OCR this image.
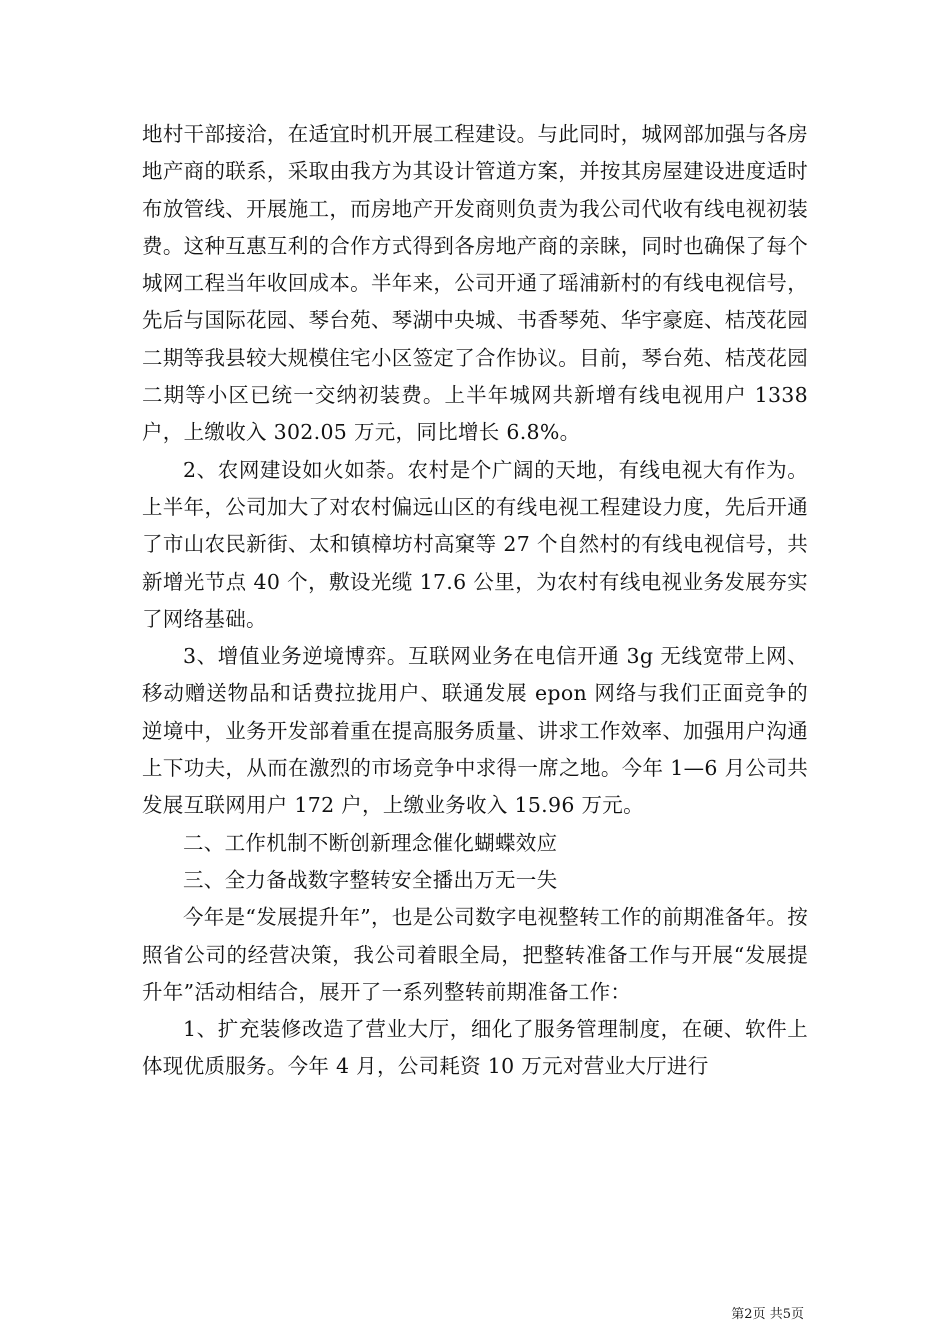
地村干部接洽，在适宜时机开展工程建设。与此同时，城网部加强与各房地产商的联系，采取由我方为其设计管道方案，并按其房屋建设进度适时布放管线、开展施工，而房地产开发商则负责为我公司代收有线电视初装费。这种互惠互利的合作方式得到各房地产商的亲睐，同时也确保了每个城网工程当年收回成本。半年来，公司开通了瑶浦新村的有线电视信号，先后与国际花园、琴台苑、琴湖中央城、书香琴苑、华宇豪庭、桔茂花园二期等我县较大规模住宅小区签定了合作协议。目前，琴台苑、桔茂花园二期等小区已统一交纳初装费。上半年城网共新增有线电视用户 1338 户，上缴收入 302.05 万元，同比增长 6.8%。

2、农网建设如火如荼。农村是个广阔的天地，有线电视大有作为。上半年，公司加大了对农村偏远山区的有线电视工程建设力度，先后开通了市山农民新街、太和镇樟坊村高窠等 27 个自然村的有线电视信号，共新增光节点 40 个，敷设光缆 17.6 公里，为农村有线电视业务发展夯实了网络基础。

3、增值业务逆境博弈。互联网业务在电信开通 3g 无线宽带上网、移动赠送物品和话费拉拢用户、联通发展 epon 网络与我们正面竞争的逆境中，业务开发部着重在提高服务质量、讲求工作效率、加强用户沟通上下功夫，从而在激烈的市场竞争中求得一席之地。今年 1—6 月公司共发展互联网用户 172 户，上缴业务收入 15.96 万元。

二、工作机制不断创新理念催化蝴蝶效应

三、全力备战数字整转安全播出万无一失

今年是“发展提升年”，也是公司数字电视整转工作的前期准备年。按照省公司的经营决策，我公司着眼全局，把整转准备工作与开展“发展提升年”活动相结合，展开了一系列整转前期准备工作：

1、扩充装修改造了营业大厅，细化了服务管理制度，在硬、软件上体现优质服务。今年 4 月，公司耗资 10 万元对营业大厅进行

第2页 共5页
